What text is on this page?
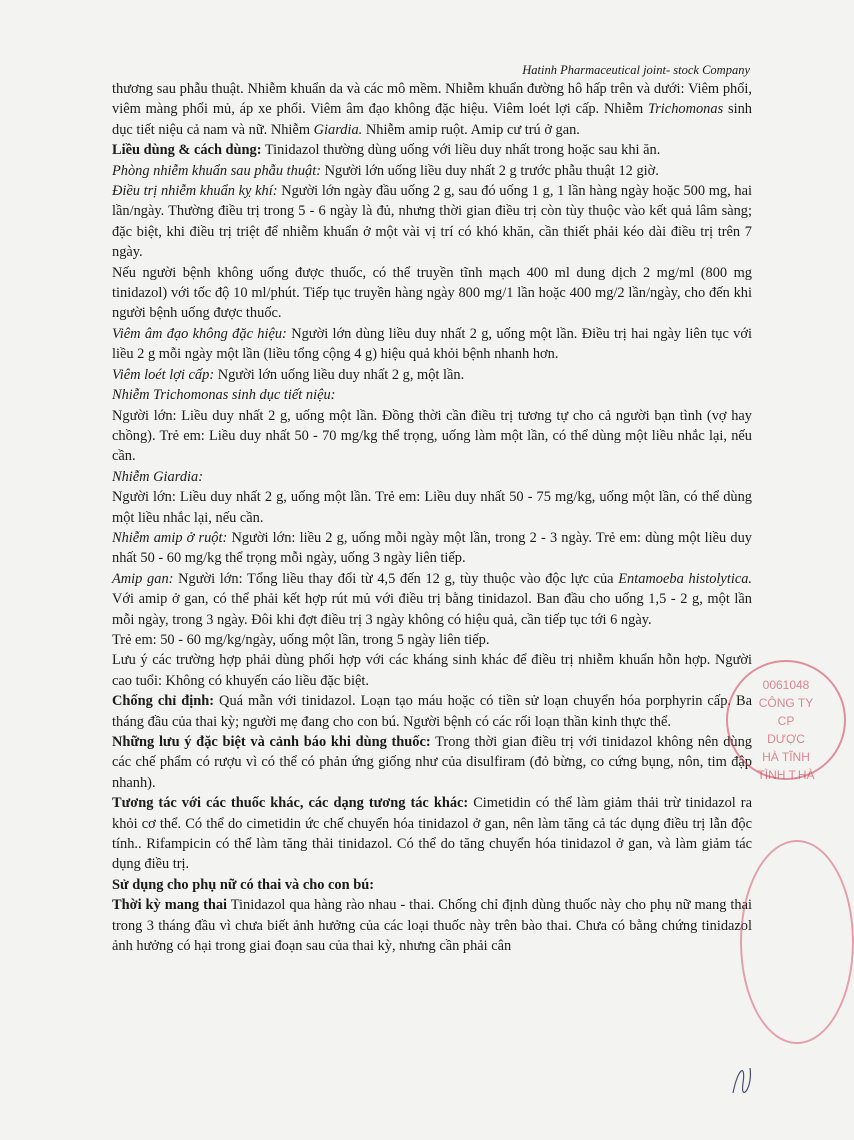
Hatinh Pharmaceutical joint- stock Company

thương sau phẫu thuật. Nhiễm khuẩn da và các mô mềm. Nhiễm khuẩn đường hô hấp trên và dưới: Viêm phổi, viêm màng phổi mủ, áp xe phổi. Viêm âm đạo không đặc hiệu. Viêm loét lợi cấp. Nhiễm Trichomonas sinh dục tiết niệu cả nam và nữ. Nhiễm Giardia. Nhiễm amip ruột. Amip cư trú ở gan.

Liều dùng & cách dùng: Tinidazol thường dùng uống với liều duy nhất trong hoặc sau khi ăn.

Phòng nhiễm khuẩn sau phẫu thuật: Người lớn uống liều duy nhất 2 g trước phẫu thuật 12 giờ.

Điều trị nhiễm khuẩn kỵ khí: Người lớn ngày đầu uống 2 g, sau đó uống 1 g, 1 lần hàng ngày hoặc 500 mg, hai lần/ngày. Thường điều trị trong 5 - 6 ngày là đủ, nhưng thời gian điều trị còn tùy thuộc vào kết quả lâm sàng; đặc biệt, khi điều trị triệt để nhiễm khuẩn ở một vài vị trí có khó khăn, cần thiết phải kéo dài điều trị trên 7 ngày.

Nếu người bệnh không uống được thuốc, có thể truyền tĩnh mạch 400 ml dung dịch 2 mg/ml (800 mg tinidazol) với tốc độ 10 ml/phút. Tiếp tục truyền hàng ngày 800 mg/1 lần hoặc 400 mg/2 lần/ngày, cho đến khi người bệnh uống được thuốc.

Viêm âm đạo không đặc hiệu: Người lớn dùng liều duy nhất 2 g, uống một lần. Điều trị hai ngày liên tục với liều 2 g mỗi ngày một lần (liều tổng cộng 4 g) hiệu quả khỏi bệnh nhanh hơn.

Viêm loét lợi cấp: Người lớn uống liều duy nhất 2 g, một lần.

Nhiễm Trichomonas sinh dục tiết niệu:

Người lớn: Liều duy nhất 2 g, uống một lần. Đồng thời cần điều trị tương tự cho cả người bạn tình (vợ hay chồng). Trẻ em: Liều duy nhất 50 - 70 mg/kg thể trọng, uống làm một lần, có thể dùng một liều nhắc lại, nếu cần.

Nhiễm Giardia:

Người lớn: Liều duy nhất 2 g, uống một lần. Trẻ em: Liều duy nhất 50 - 75 mg/kg, uống một lần, có thể dùng một liều nhắc lại, nếu cần.

Nhiễm amip ở ruột: Người lớn: liều 2 g, uống mỗi ngày một lần, trong 2 - 3 ngày. Trẻ em: dùng một liều duy nhất 50 - 60 mg/kg thể trọng mỗi ngày, uống 3 ngày liên tiếp.

Amip gan: Người lớn: Tổng liều thay đổi từ 4,5 đến 12 g, tùy thuộc vào độc lực của Entamoeba histolytica. Với amip ở gan, có thể phải kết hợp rút mủ với điều trị bằng tinidazol. Ban đầu cho uống 1,5 - 2 g, một lần mỗi ngày, trong 3 ngày. Đôi khi đợt điều trị 3 ngày không có hiệu quả, cần tiếp tục tới 6 ngày.

Trẻ em: 50 - 60 mg/kg/ngày, uống một lần, trong 5 ngày liên tiếp.

Lưu ý các trường hợp phải dùng phối hợp với các kháng sinh khác để điều trị nhiễm khuẩn hỗn hợp. Người cao tuổi: Không có khuyến cáo liều đặc biệt.

Chống chỉ định: Quá mẫn với tinidazol. Loạn tạo máu hoặc có tiền sử loạn chuyển hóa porphyrin cấp. Ba tháng đầu của thai kỳ; người mẹ đang cho con bú. Người bệnh có các rối loạn thần kinh thực thể.

Những lưu ý đặc biệt và cảnh báo khi dùng thuốc: Trong thời gian điều trị với tinidazol không nên dùng các chế phẩm có rượu vì có thể có phản ứng giống như của disulfiram (đỏ bừng, co cứng bụng, nôn, tim đập nhanh).

Tương tác với các thuốc khác, các dạng tương tác khác: Cimetidin có thể làm giảm thải trừ tinidazol ra khỏi cơ thể. Có thể do cimetidin ức chế chuyển hóa tinidazol ở gan, nên làm tăng cả tác dụng điều trị lẫn độc tính.. Rifampicin có thể làm tăng thải tinidazol. Có thể do tăng chuyển hóa tinidazol ở gan, và làm giảm tác dụng điều trị.

Sử dụng cho phụ nữ có thai và cho con bú:

Thời kỳ mang thai Tinidazol qua hàng rào nhau - thai. Chống chỉ định dùng thuốc này cho phụ nữ mang thai trong 3 tháng đầu vì chưa biết ảnh hưởng của các loại thuốc này trên bào thai. Chưa có bằng chứng tinidazol ảnh hưởng có hại trong giai đoạn sau của thai kỳ, nhưng cần phải cân

0061048
CÔNG TY
CP
DƯỢC
HÀ TĨNH
TÌNH T.HÀ
